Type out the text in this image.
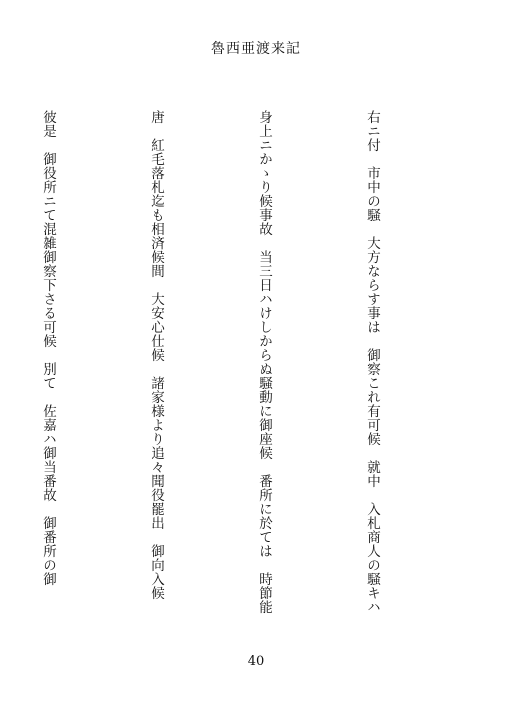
魯西亜渡来記

右ニ付　市中の騒　大方ならす事は　御察これ有可候　就中　入札商人の騒キハ

身上ニかゝり候事故　当三日ハけしからぬ騒動に御座候　番所に於ては　時節能

唐　紅毛落札迄も相済候間　大安心仕候　諸家様より追々聞役罷出　御向入候

彼是　御役所ニて混雑御察下さる可候　別て　佐嘉ハ御当番故　御番所の御

40
